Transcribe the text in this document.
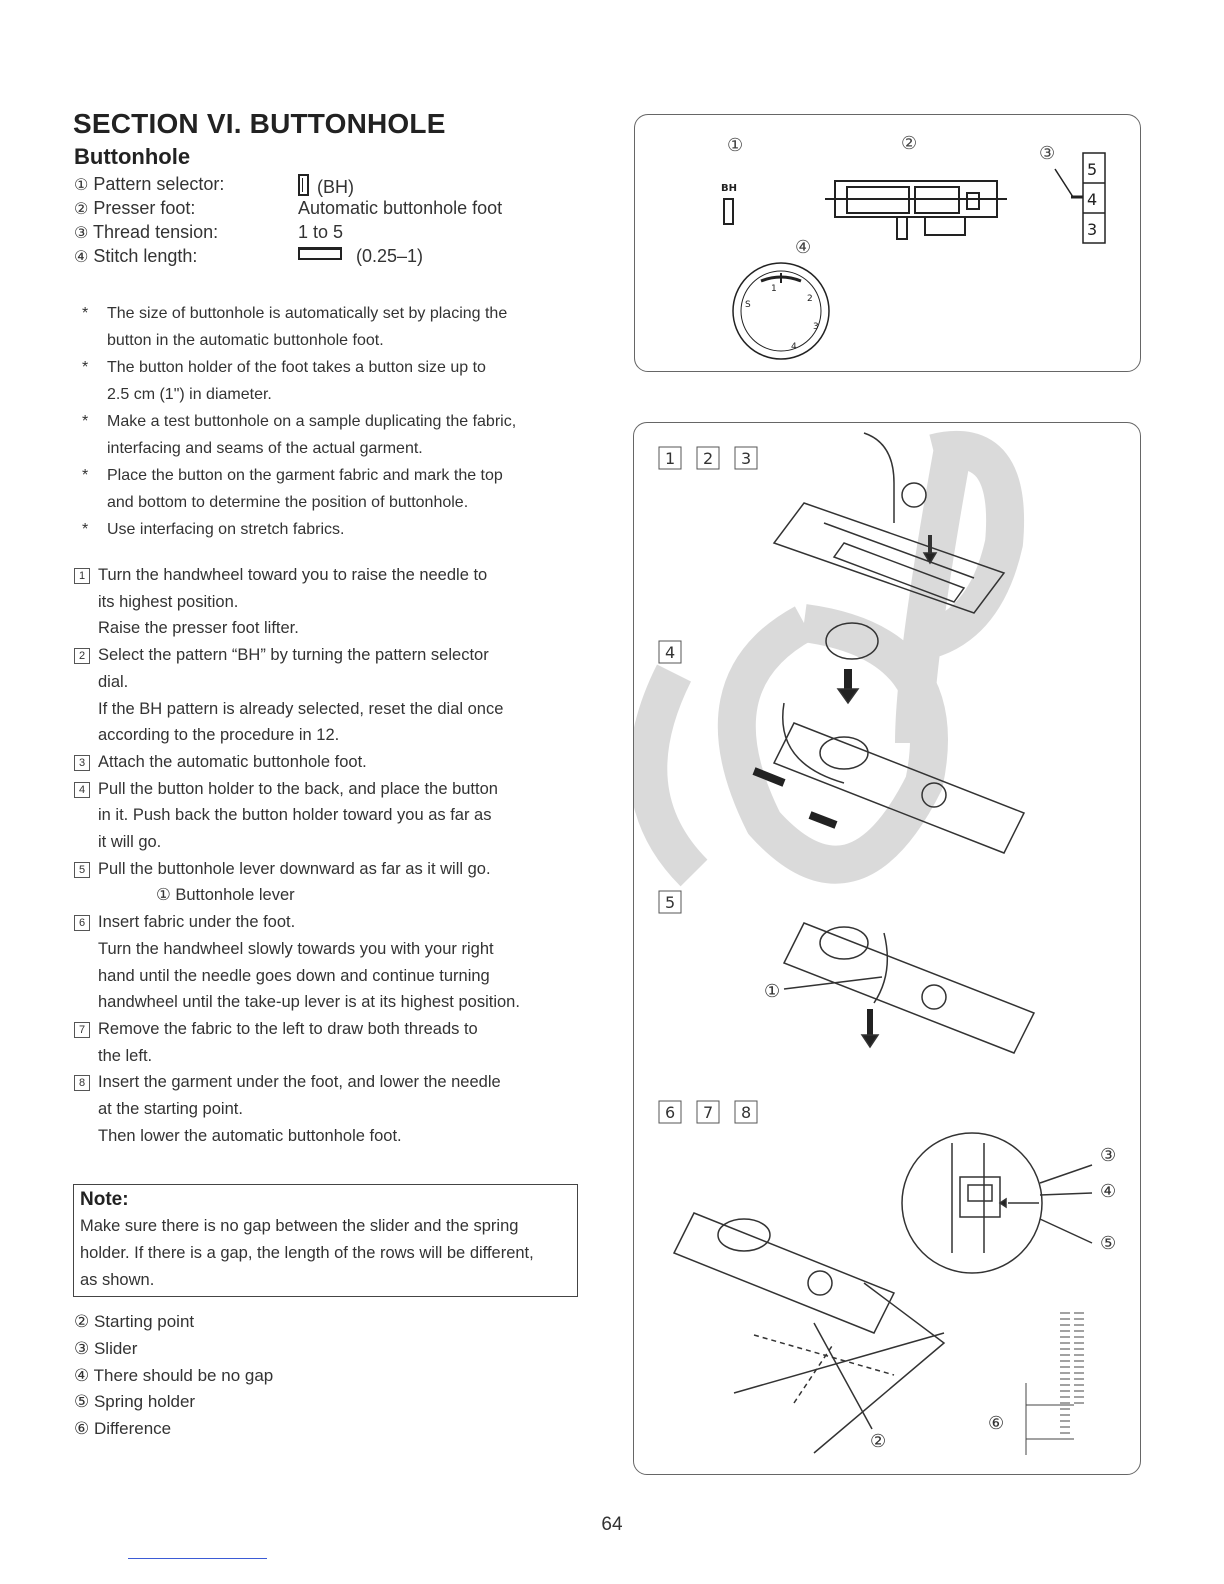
SECTION VI. BUTTONHOLE
Buttonhole
① Pattern selector:	(BH)
② Presser foot:	Automatic buttonhole foot
③ Thread tension:	1 to 5
④ Stitch length:	(0.25–1)
* The size of buttonhole is automatically set by placing the
button in the automatic buttonhole foot.
* The button holder of the foot takes a button size up to
2.5 cm (1") in diameter.
* Make a test buttonhole on a sample duplicating the fabric,
interfacing and seams of the actual garment.
* Place the button on the garment fabric and mark the top
and bottom to determine the position of buttonhole.
* Use interfacing on stretch fabrics.
1 Turn the handwheel toward you to raise the needle to
its highest position.
Raise the presser foot lifter.
2 Select the pattern “BH” by turning the pattern selector
dial.
If the BH pattern is already selected, reset the dial once
according to the procedure in 12.
3 Attach the automatic buttonhole foot.
4 Pull the button holder to the back, and place the button
in it. Push back the button holder toward you as far as
it will go.
5 Pull the buttonhole lever downward as far as it will go.
① Buttonhole lever
6 Insert fabric under the foot.
Turn the handwheel slowly towards you with your right
hand until the needle goes down and continue turning
handwheel until the take-up lever is at its highest position.
7 Remove the fabric to the left to draw both threads to
the left.
8 Insert the garment under the foot, and lower the needle
at the starting point.
Then lower the automatic buttonhole foot.
Note:
Make sure there is no gap between the slider and the spring
holder. If there is a gap, the length of the rows will be different,
as shown.
② Starting point
③ Slider
④ There should be no gap
⑤ Spring holder
⑥ Difference
①	②	③
④
BH
5
4
3
S
1
2
3
4
1 2 3
4
5
6 7 8
①
②
③
④
⑤
⑥
64
